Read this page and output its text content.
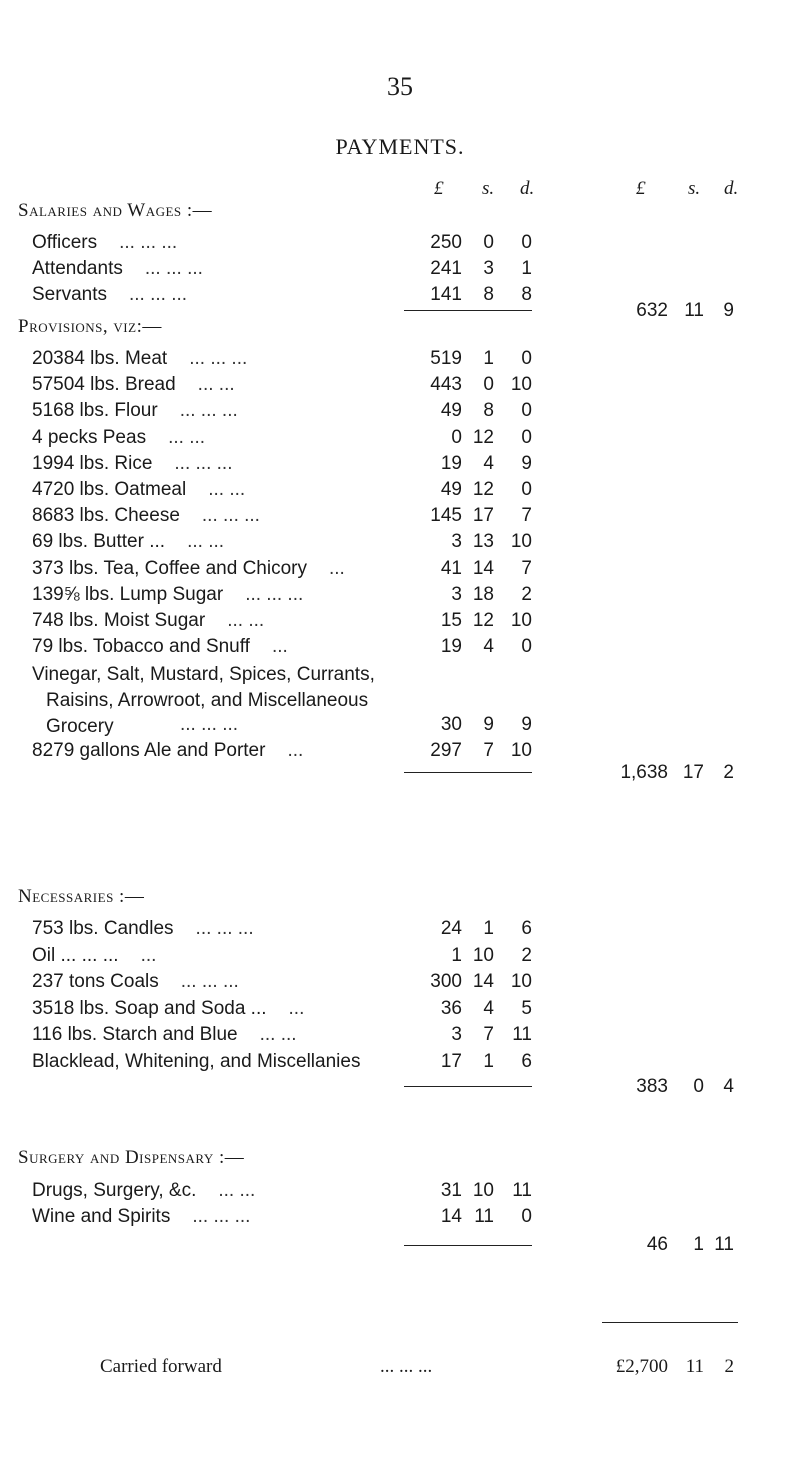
35
PAYMENTS.
£ s. d.	£ s. d.
Salaries and Wages :—
Officers ... ... ...	250	0	0
Attendants ... ... ...	241	3	1
Servants ... ... ...	141	8	8
632 11	9
Provisions, viz:—
20384 lbs. Meat ... ... ...	519	1	0
57504 lbs. Bread ... ...	443	0 10
5168 lbs. Flour ... ... ...	49	8	0
4 pecks Peas ... ...	0 12	0
1994 lbs. Rice ... ... ...	19	4	9
4720 lbs. Oatmeal ... ...	49 12	0
8683 lbs. Cheese ... ... ...	145 17	7
69 lbs. Butter ... ... ...	3 13 10
373 lbs. Tea, Coffee and Chicory ...	41 14	7
139⅝ lbs. Lump Sugar ... ... ...	3 18	2
748 lbs. Moist Sugar ... ...	15 12 10
79 lbs. Tobacco and Snuff ...	19	4	0
Vinegar, Salt, Mustard, Spices, Currants,
Raisins, Arrowroot, and Miscellaneous
Grocery	... ... ...	30	9	9
8279 gallons Ale and Porter ...	297	7 10
1,638 17	2
Necessaries :—
753 lbs. Candles ... ... ...	24	1	6
Oil ... ... ... ...	1 10	2
237 tons Coals ... ... ...	300 14 10
3518 lbs. Soap and Soda ... ...	36	4	5
116 lbs. Starch and Blue ... ...	3	7 11
Blacklead, Whitening, and Miscellanies	17	1	6
383	0	4
Surgery and Dispensary :—
Drugs, Surgery, &c. ... ...	31 10 11
Wine and Spirits ... ... ...	14 11	0
46	1 11
Carried forward	... ... ...	£2,700 11	2
